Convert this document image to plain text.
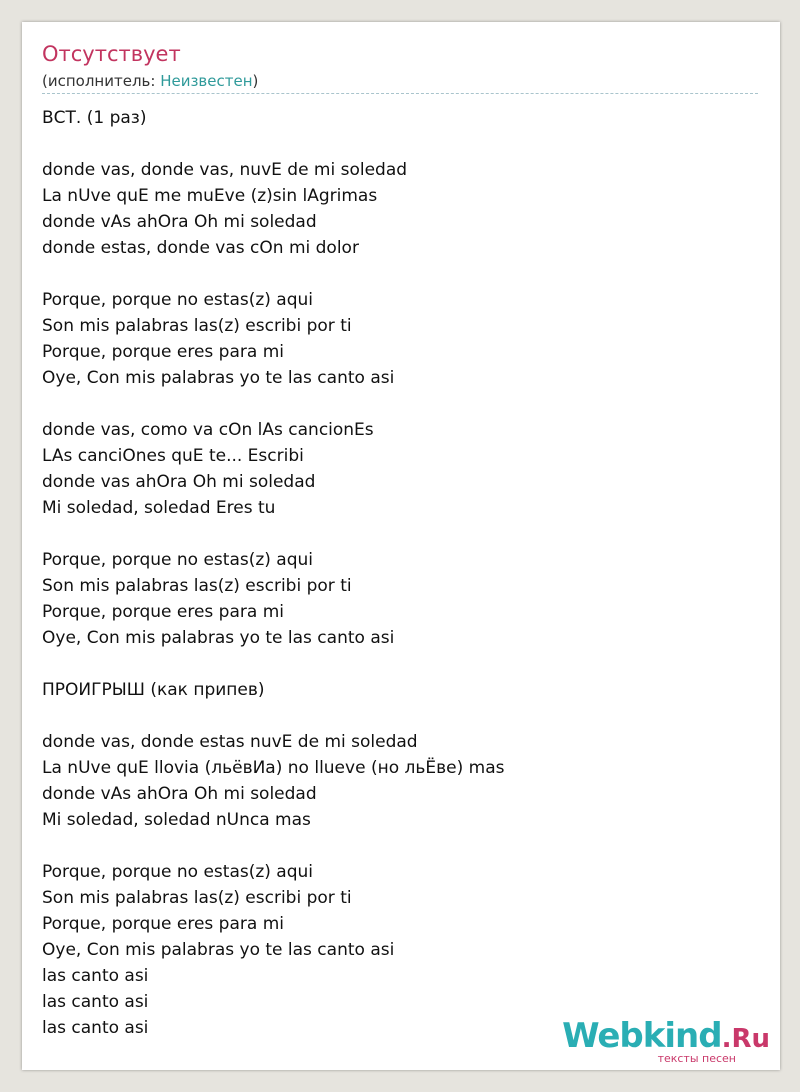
Отсутствует
(исполнитель: Неизвестен)
ВСТ. (1 раз)

donde vas, donde vas, nuvE de mi soledad
La nUve quE me muEve (z)sin lAgrimas
donde vAs ahOra Oh mi soledad
donde estas, donde vas cOn mi dolor

Porque, porque no estas(z) aqui
Son mis palabras las(z) escribi por ti
Porque, porque eres para mi
Oye, Con mis palabras yo te las canto asi

donde vas, como va cOn lAs cancionEs
LAs canciOnes quE te... Escribi
donde vas ahOra Oh mi soledad
Mi soledad, soledad Eres tu

Porque, porque no estas(z) aqui
Son mis palabras las(z) escribi por ti
Porque, porque eres para mi
Oye, Con mis palabras yo te las canto asi

ПРОИГРЫШ (как припев)

donde vas, donde estas nuvE de mi soledad
La nUve quE llovia (льёвИа) no llueve (но льЁве) mas
donde vAs ahOra Oh mi soledad
Mi soledad, soledad nUnca mas

Porque, porque no estas(z) aqui
Son mis palabras las(z) escribi por ti
Porque, porque eres para mi
Oye, Con mis palabras yo te las canto asi
las canto asi
las canto asi
las canto asi	Webkind.Ru
тексты песен
